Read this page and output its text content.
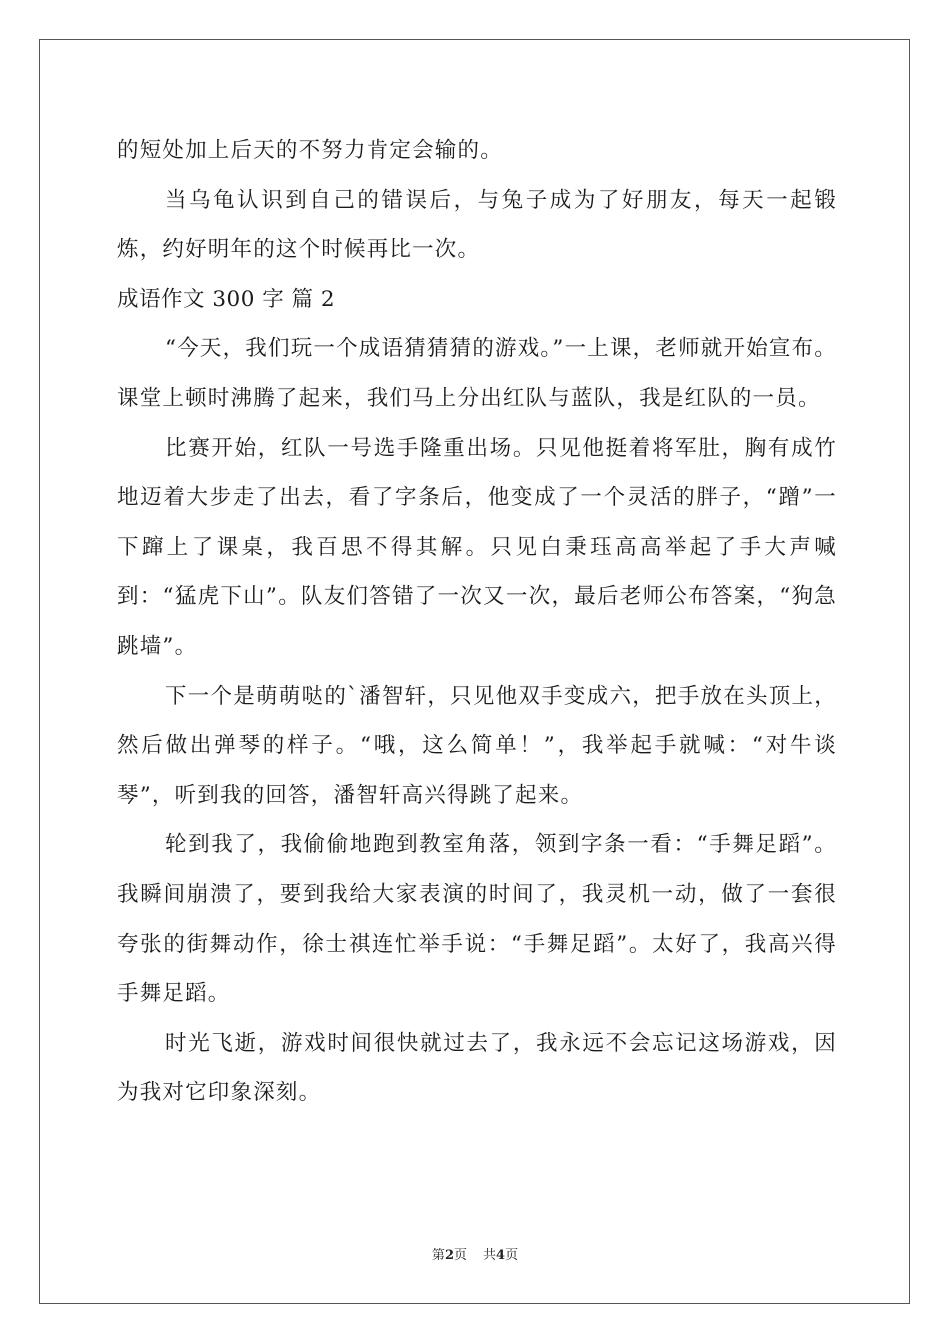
的短处加上后天的不努力肯定会输的。

当乌龟认识到自己的错误后，与兔子成为了好朋友，每天一起锻炼，约好明年的这个时候再比一次。

成语作文 300 字 篇 2

“今天，我们玩一个成语猜猜猜的游戏。”一上课，老师就开始宣布。课堂上顿时沸腾了起来，我们马上分出红队与蓝队，我是红队的一员。

比赛开始，红队一号选手隆重出场。只见他挺着将军肚，胸有成竹地迈着大步走了出去，看了字条后，他变成了一个灵活的胖子，“蹭”一下蹿上了课桌，我百思不得其解。只见白秉珏高高举起了手大声喊到：“猛虎下山”。队友们答错了一次又一次，最后老师公布答案，“狗急跳墙”。

下一个是萌萌哒的`潘智轩，只见他双手变成六，把手放在头顶上，然后做出弹琴的样子。“哦，这么简单！”，我举起手就喊：“对牛谈琴”，听到我的回答，潘智轩高兴得跳了起来。

轮到我了，我偷偷地跑到教室角落，领到字条一看：“手舞足蹈”。我瞬间崩溃了，要到我给大家表演的时间了，我灵机一动，做了一套很夸张的街舞动作，徐士祺连忙举手说：“手舞足蹈”。太好了，我高兴得手舞足蹈。

时光飞逝，游戏时间很快就过去了，我永远不会忘记这场游戏，因为我对它印象深刻。

第2页 共4页
